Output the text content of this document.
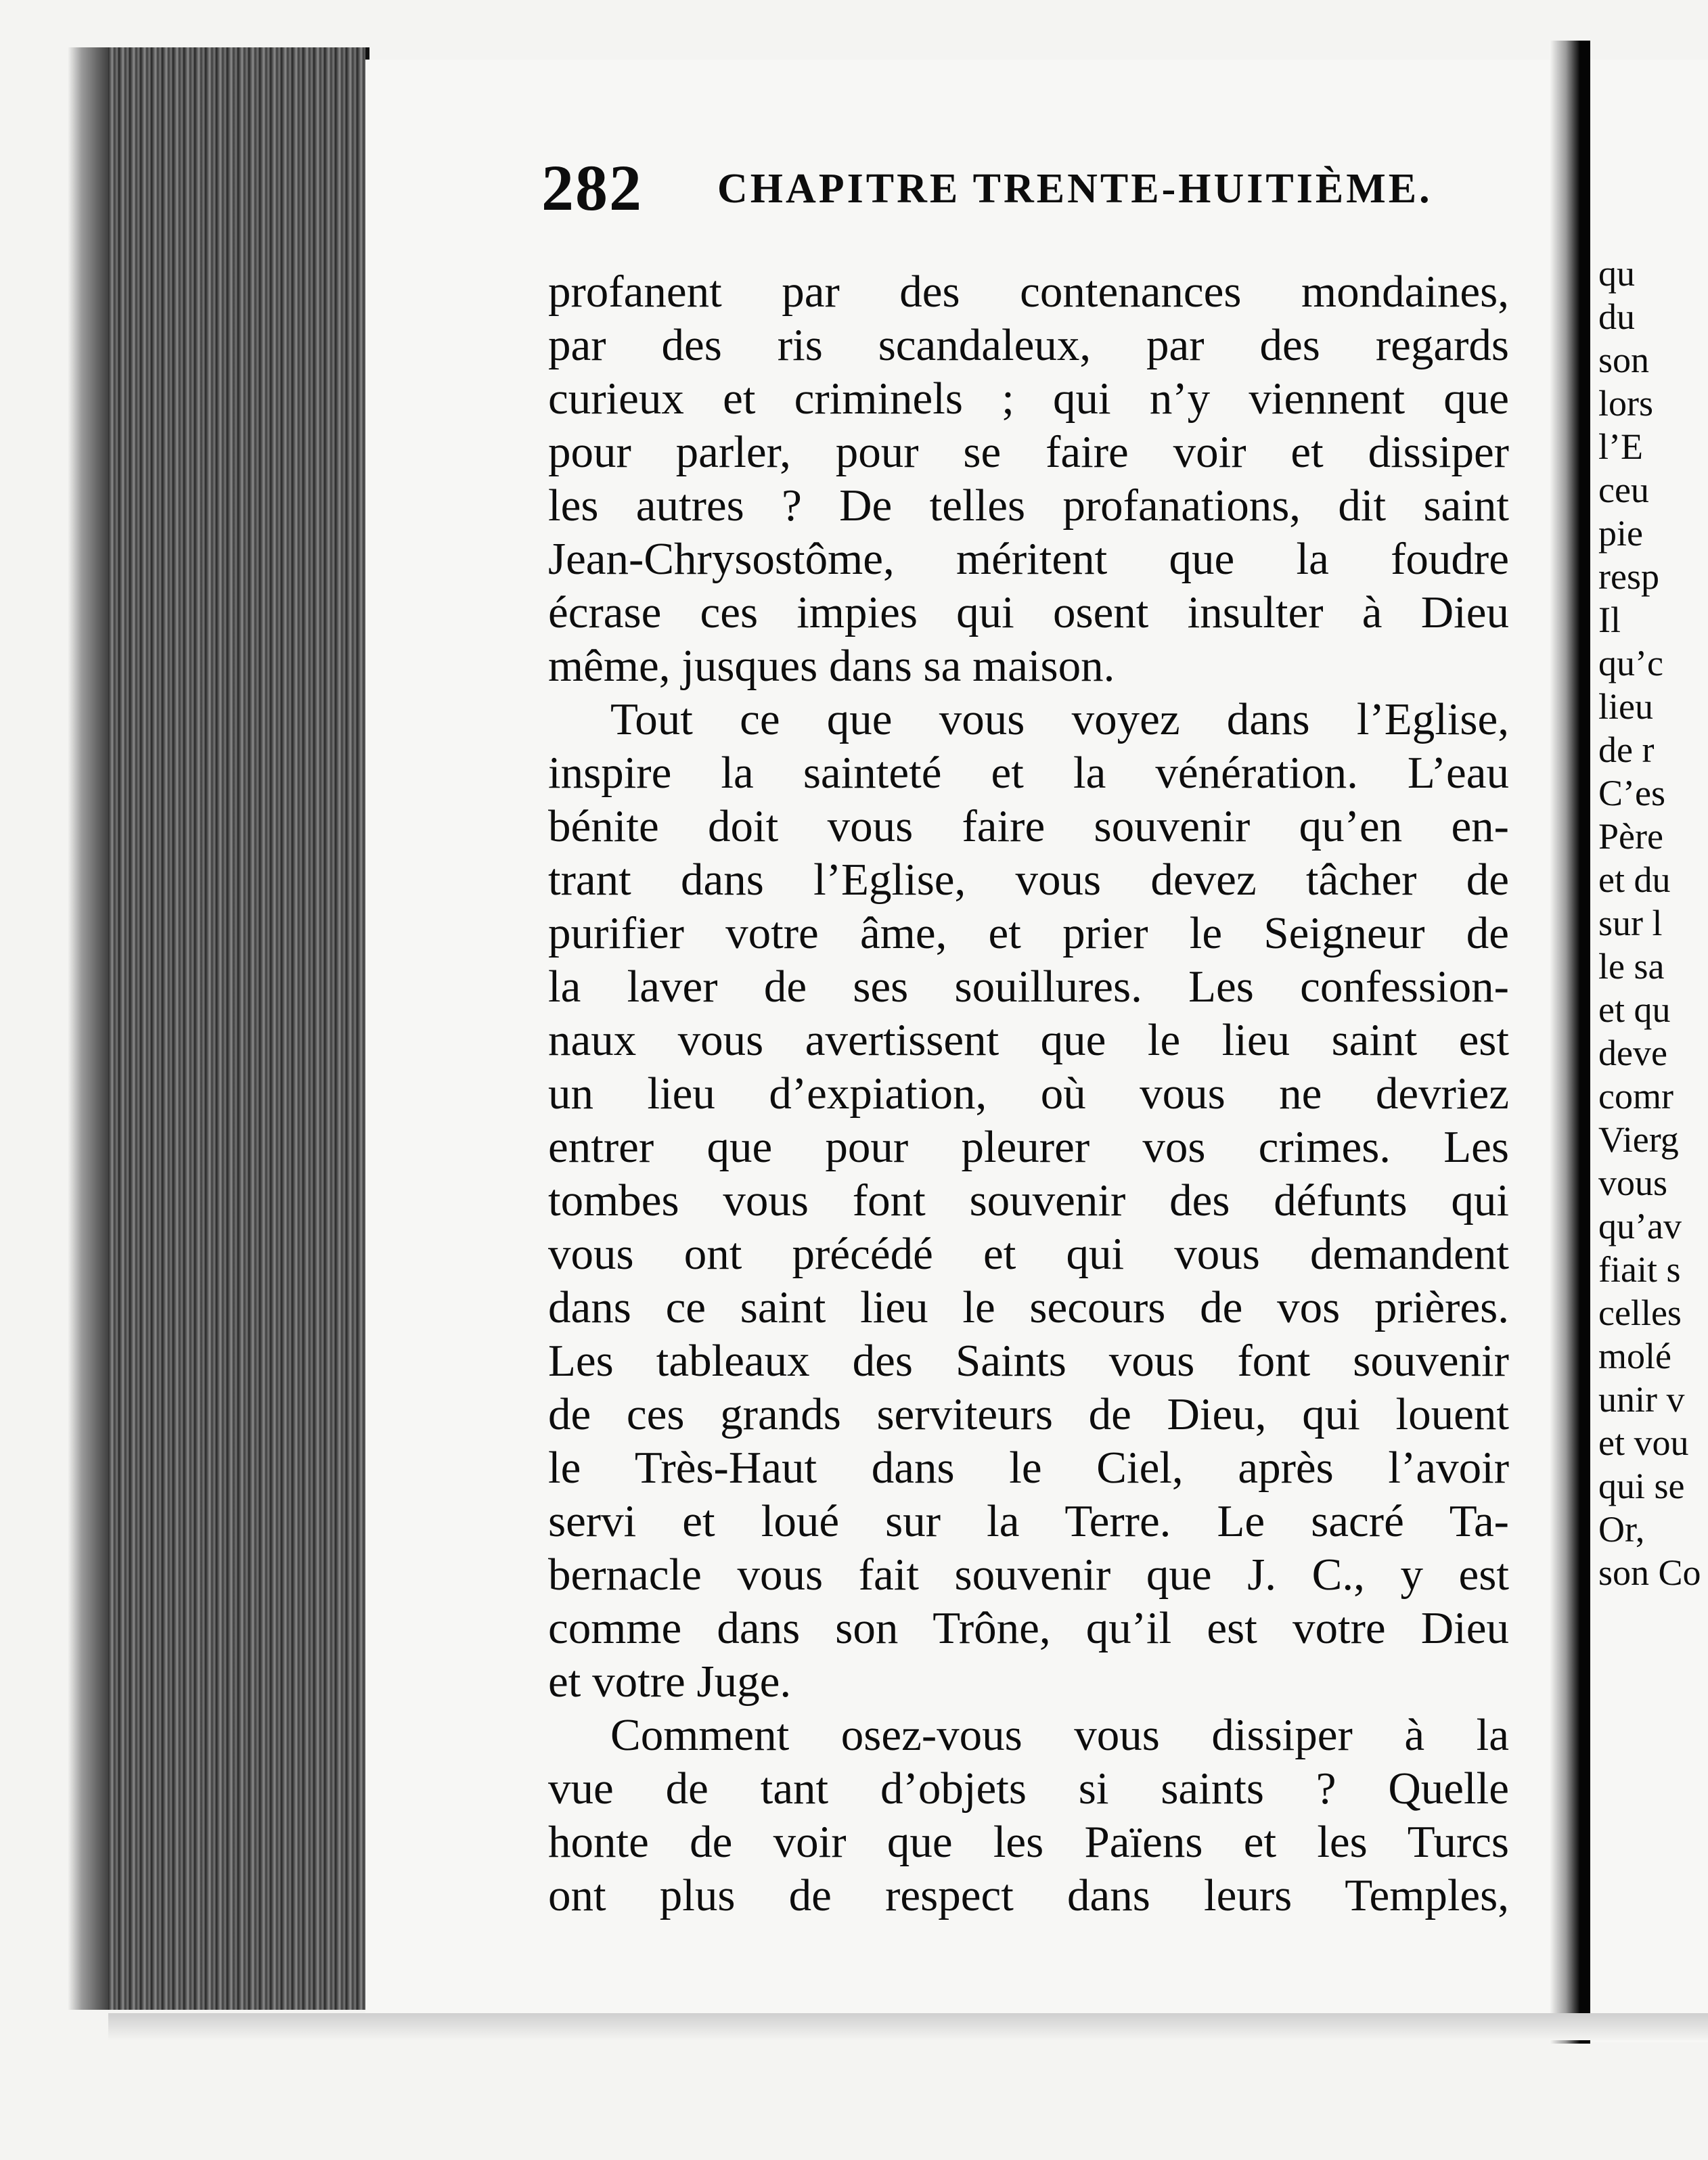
282 CHAPITRE TRENTE-HUITIÈME.
profanent par des contenances mondaines,
par des ris scandaleux, par des regards
curieux et criminels ; qui n’y viennent que
pour parler, pour se faire voir et dissiper
les autres ? De telles profanations, dit saint
Jean-Chrysostôme, méritent que la foudre
écrase ces impies qui osent insulter à Dieu
même, jusques dans sa maison.
Tout ce que vous voyez dans l’Eglise,
inspire la sainteté et la vénération. L’eau
bénite doit vous faire souvenir qu’en en-
trant dans l’Eglise, vous devez tâcher de
purifier votre âme, et prier le Seigneur de
la laver de ses souillures. Les confession-
naux vous avertissent que le lieu saint est
un lieu d’expiation, où vous ne devriez
entrer que pour pleurer vos crimes. Les
tombes vous font souvenir des défunts qui
vous ont précédé et qui vous demandent
dans ce saint lieu le secours de vos prières.
Les tableaux des Saints vous font souvenir
de ces grands serviteurs de Dieu, qui louent
le Très-Haut dans le Ciel, après l’avoir
servi et loué sur la Terre. Le sacré Ta-
bernacle vous fait souvenir que J. C., y est
comme dans son Trône, qu’il est votre Dieu
et votre Juge.
Comment osez-vous vous dissiper à la
vue de tant d’objets si saints ? Quelle
honte de voir que les Païens et les Turcs
ont plus de respect dans leurs Temples,
qu
du
son
lors
l’E
ceu
pie
resp
Il
qu’c
lieu
de r
C’es
Père
et du
sur l
le sa
et qu
deve
comr
Vierg
vous
qu’av
fiait s
celles
molé
unir v
et vou
qui se
Or,
son Co
